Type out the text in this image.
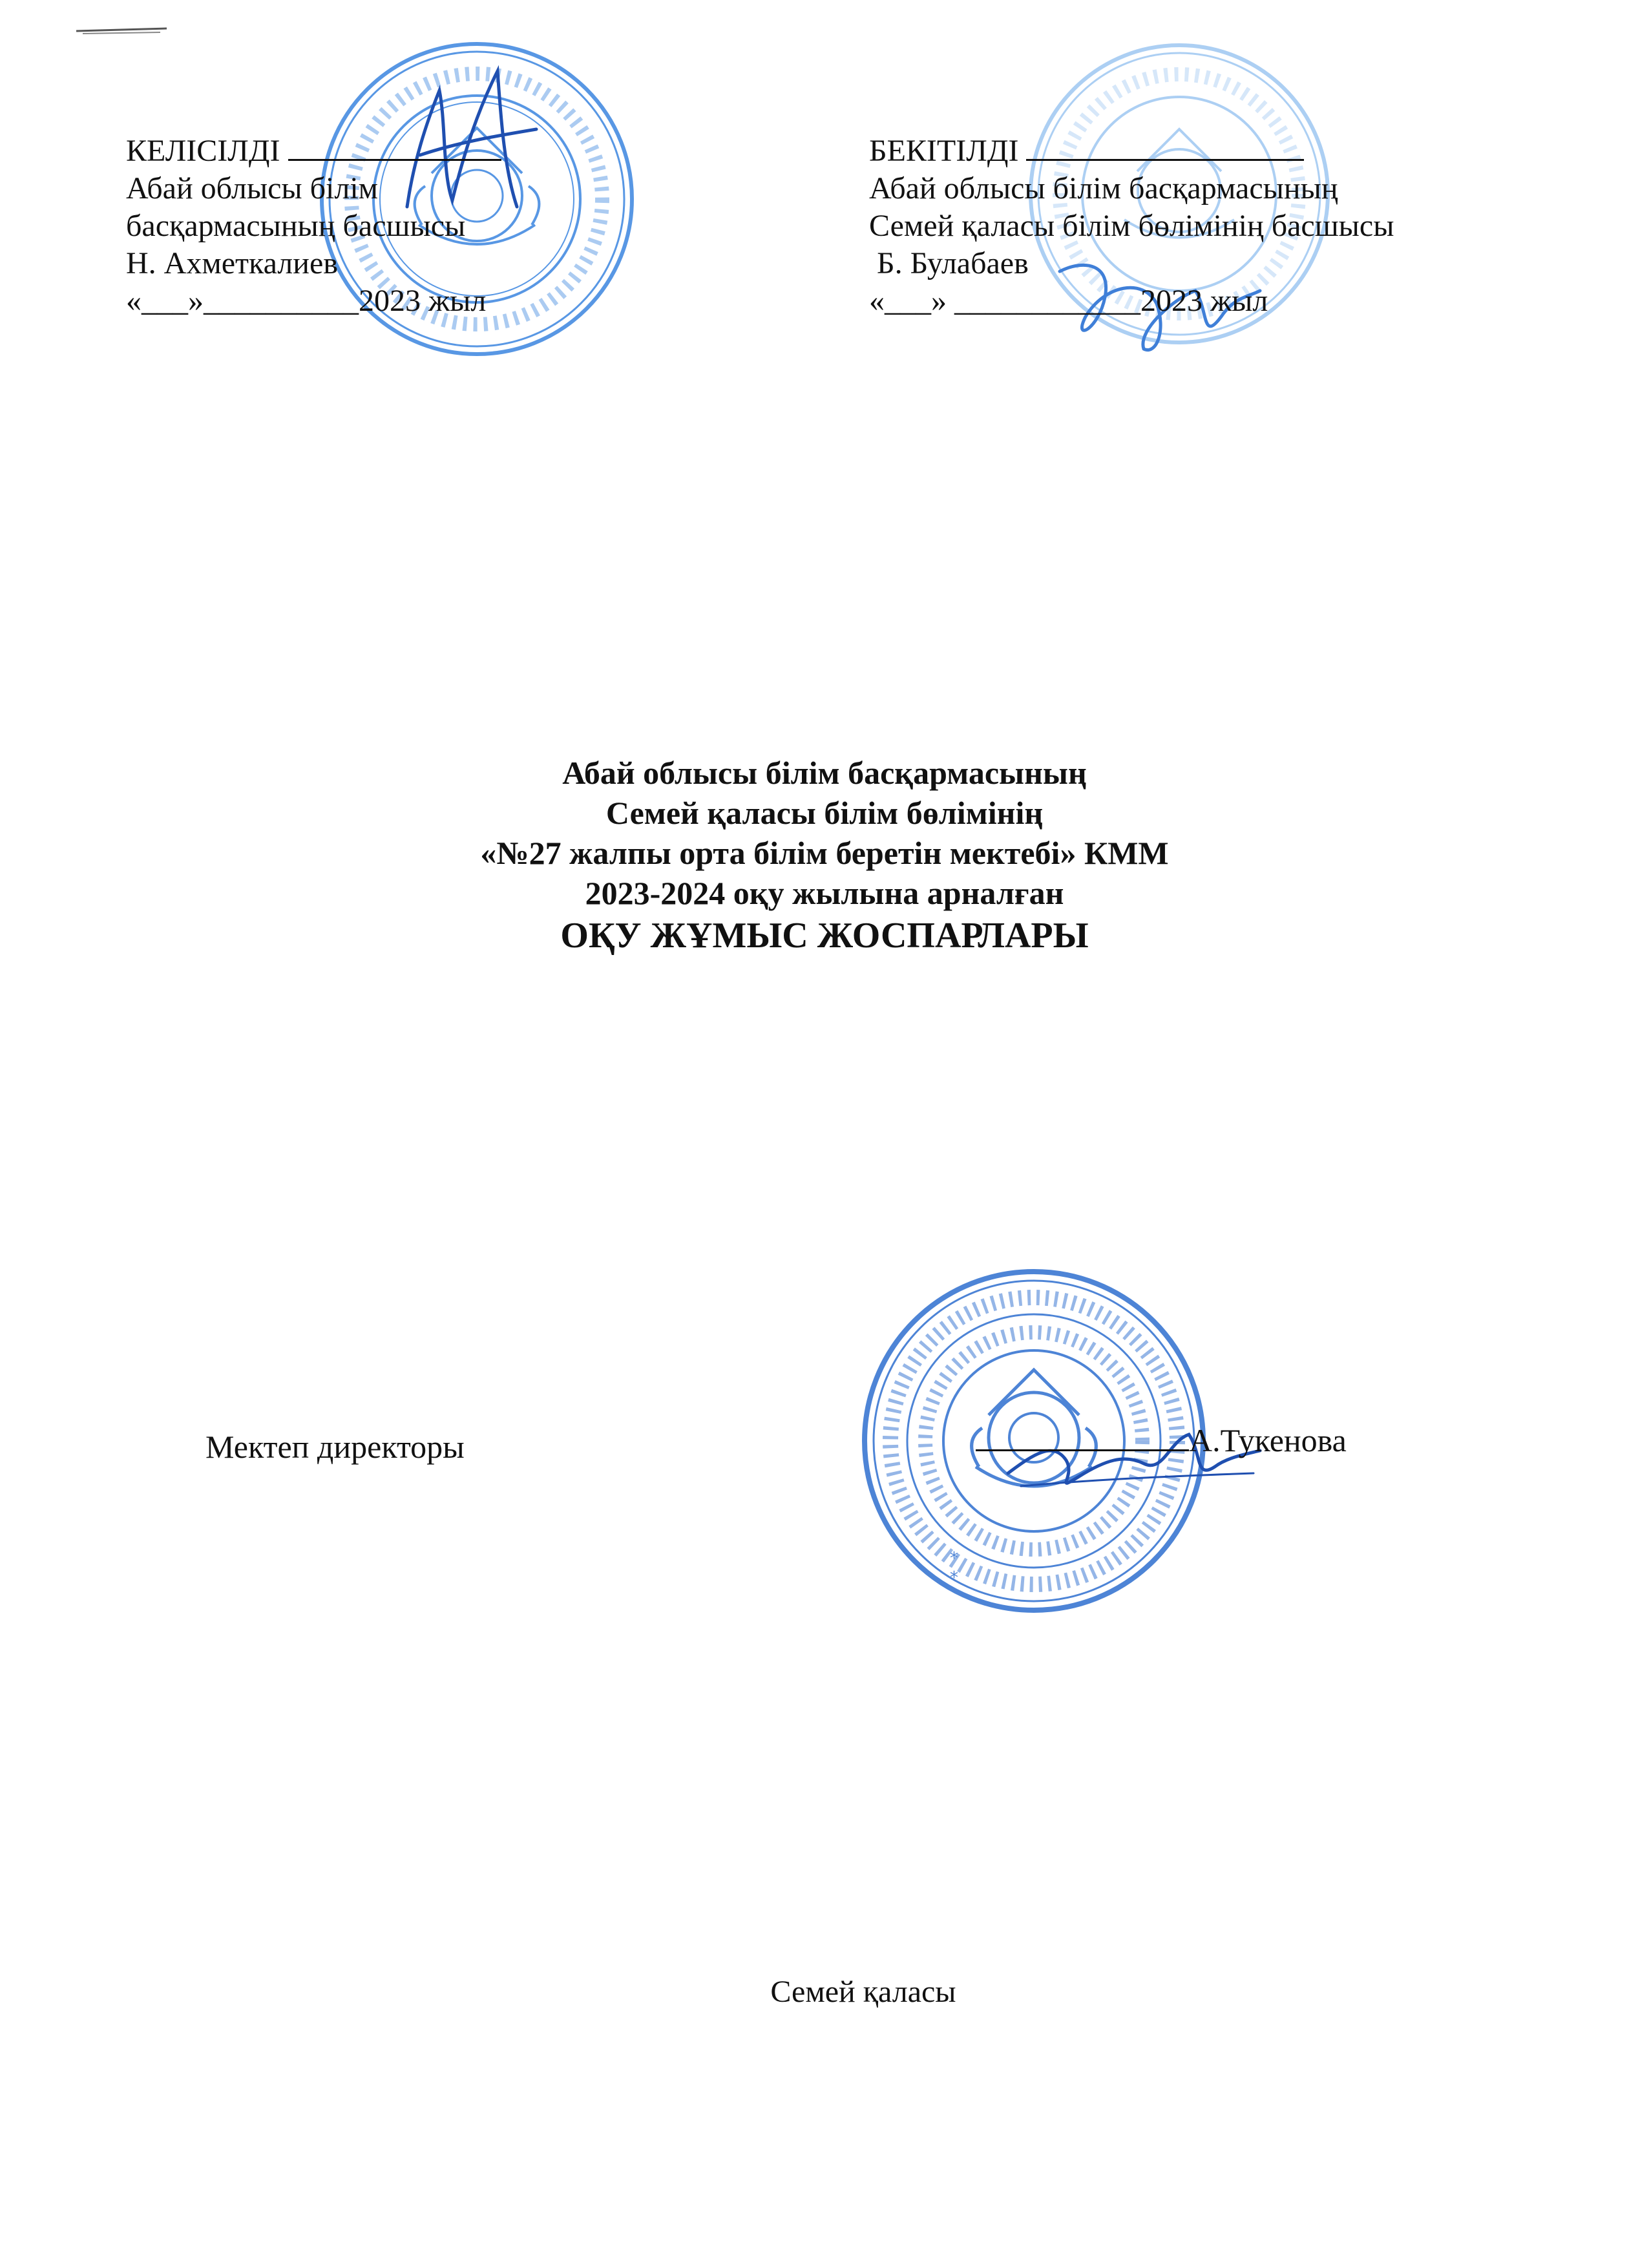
КЕЛІСІЛДІ
Абай облысы білім
басқармасының басшысы
Н. Ахметкалиев
«___»__________2023 жыл
БЕКІТІЛДІ
Абай облысы білім басқармасының
Семей қаласы білім бөлімінің басшысы
Б. Булабаев
«___» ____________2023 жыл
Абай облысы білім басқармасының
Семей қаласы білім бөлімінің
«№27 жалпы орта білім беретін мектебі» КММ
2023-2024 оқу жылына арналған
ОҚУ ЖҰМЫС ЖОСПАРЛАРЫ
*
*
Мектеп директоры	А.Тукенова
Семей қаласы
